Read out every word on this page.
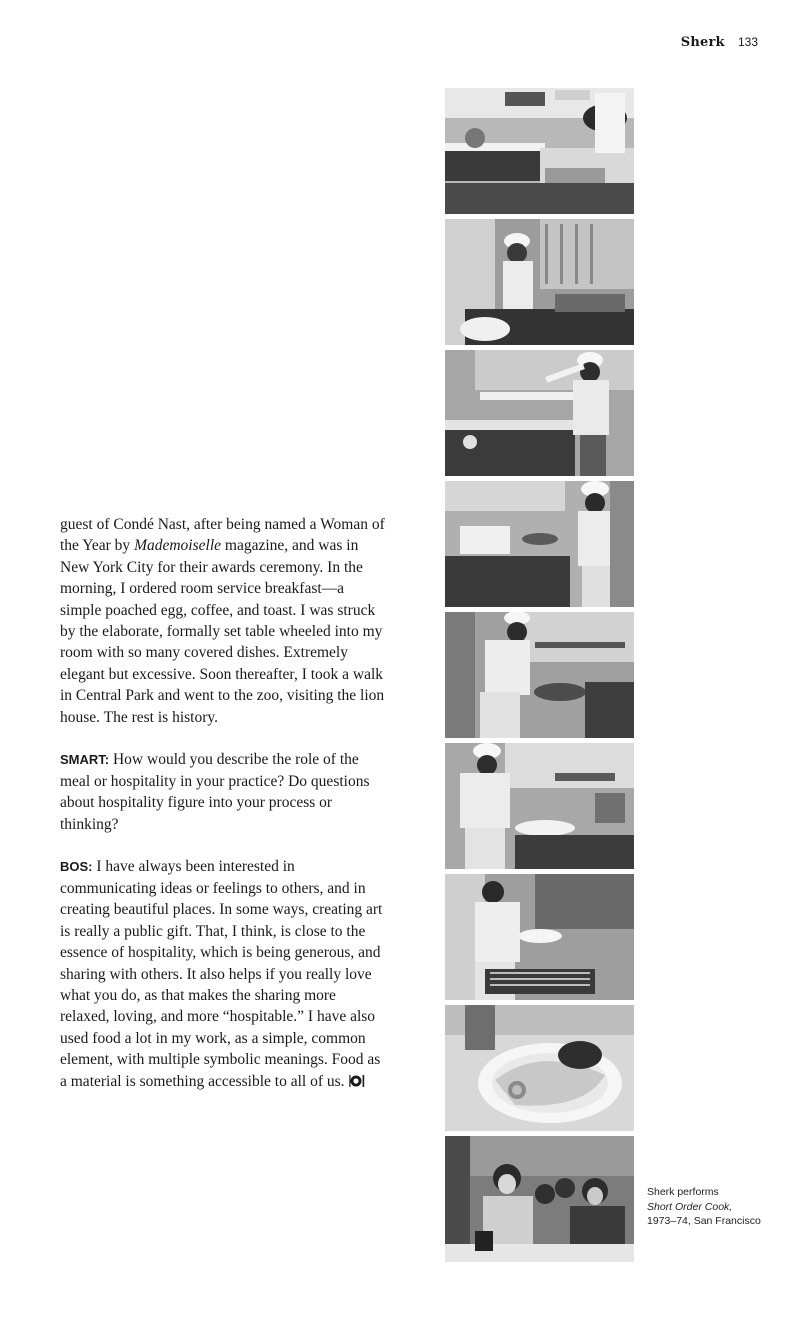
Sherk 133

guest of Condé Nast, after being named a Woman of the Year by Mademoiselle magazine, and was in New York City for their awards ceremony. In the morning, I ordered room service breakfast—a simple poached egg, coffee, and toast. I was struck by the elaborate, formally set table wheeled into my room with so many covered dishes. Extremely elegant but excessive. Soon thereafter, I took a walk in Central Park and went to the zoo, visiting the lion house. The rest is history.

SMART: How would you describe the role of the meal or hospitality in your practice? Do questions about hospitality figure into your process or thinking?

BOS: I have always been interested in communicating ideas or feelings to others, and in creating beautiful places. In some ways, creating art is really a public gift. That, I think, is close to the essence of hospitality, which is being generous, and sharing with others. It also helps if you really love what you do, as that makes the sharing more relaxed, loving, and more “hospitable.” I have also used food a lot in my work, as a simple, common element, with multiple symbolic meanings. Food as a material is something accessible to all of us.

Sherk performs
Short Order Cook,
1973–74, San Francisco
